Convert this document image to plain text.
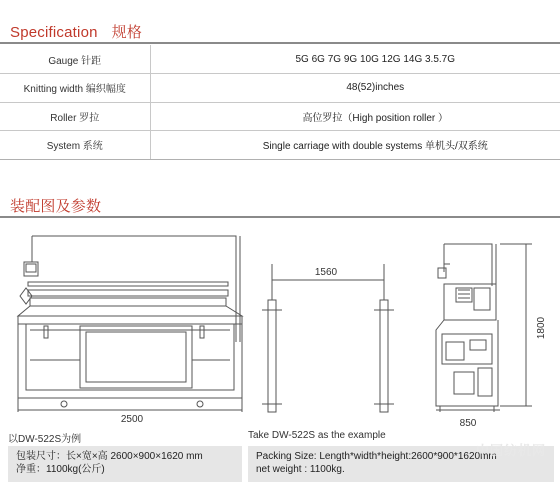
Specification 规格
Gauge 针距	5G 6G 7G 9G 10G 12G 14G 3.5.7G
Knitting width 编织幅度	48(52)inches
Roller 罗拉	高位罗拉（High position roller ）
System 系统	Single carriage with double systems 单机头/双系统
装配图及参数
2500
1560
850
1800
以DW-522S为例	Take DW-522S as the example
包装尺寸：长×宽×高 2600×900×1620 mm
净重：1100kg(公斤)
Packing Size: Length*width*height:2600*900*1620mm
net weight : 1100kg.
中国纺机网
